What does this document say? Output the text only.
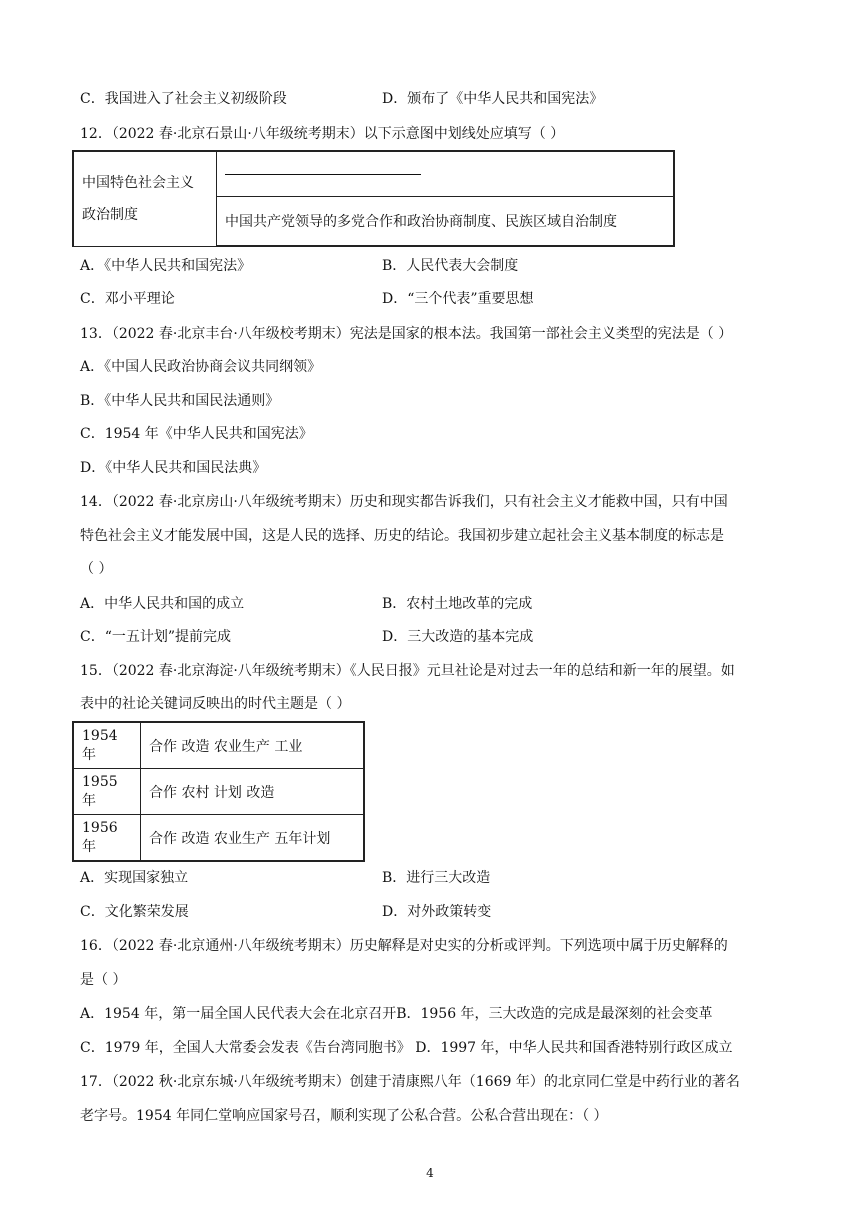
C．我国进入了社会主义初级阶段	D．颁布了《中华人民共和国宪法》
12．（2022 春·北京石景山·八年级统考期末）以下示意图中划线处应填写（ ）
中国特色社会主义
政治制度

中国共产党领导的多党合作和政治协商制度、民族区域自治制度
A．《中华人民共和国宪法》	B．人民代表大会制度
C．邓小平理论	D．“三个代表”重要思想
13．（2022 春·北京丰台·八年级校考期末）宪法是国家的根本法。我国第一部社会主义类型的宪法是（ ）
A．《中国人民政治协商会议共同纲领》
B．《中华人民共和国民法通则》
C．1954 年《中华人民共和国宪法》
D．《中华人民共和国民法典》
14．（2022 春·北京房山·八年级统考期末）历史和现实都告诉我们，只有社会主义才能救中国，只有中国
特色社会主义才能发展中国，这是人民的选择、历史的结论。我国初步建立起社会主义基本制度的标志是
（ ）
A．中华人民共和国的成立	B．农村土地改革的完成
C．“一五计划”提前完成	D．三大改造的基本完成
15．（2022 春·北京海淀·八年级统考期末）《人民日报》元旦社论是对过去一年的总结和新一年的展望。如
表中的社论关键词反映出的时代主题是（ ）
1954 年	合作 改造 农业生产 工业
1955 年	合作 农村 计划 改造
1956 年	合作 改造 农业生产 五年计划
A．实现国家独立	B．进行三大改造
C．文化繁荣发展	D．对外政策转变
16．（2022 春·北京通州·八年级统考期末）历史解释是对史实的分析或评判。下列选项中属于历史解释的
是（ ）
A．1954 年，第一届全国人民代表大会在北京召开B．1956 年，三大改造的完成是最深刻的社会变革
C．1979 年，全国人大常委会发表《告台湾同胞书》 D．1997 年，中华人民共和国香港特别行政区成立
17．（2022 秋·北京东城·八年级统考期末）创建于清康熙八年（1669 年）的北京同仁堂是中药行业的著名
老字号。1954 年同仁堂响应国家号召，顺利实现了公私合营。公私合营出现在：（ ）
4
